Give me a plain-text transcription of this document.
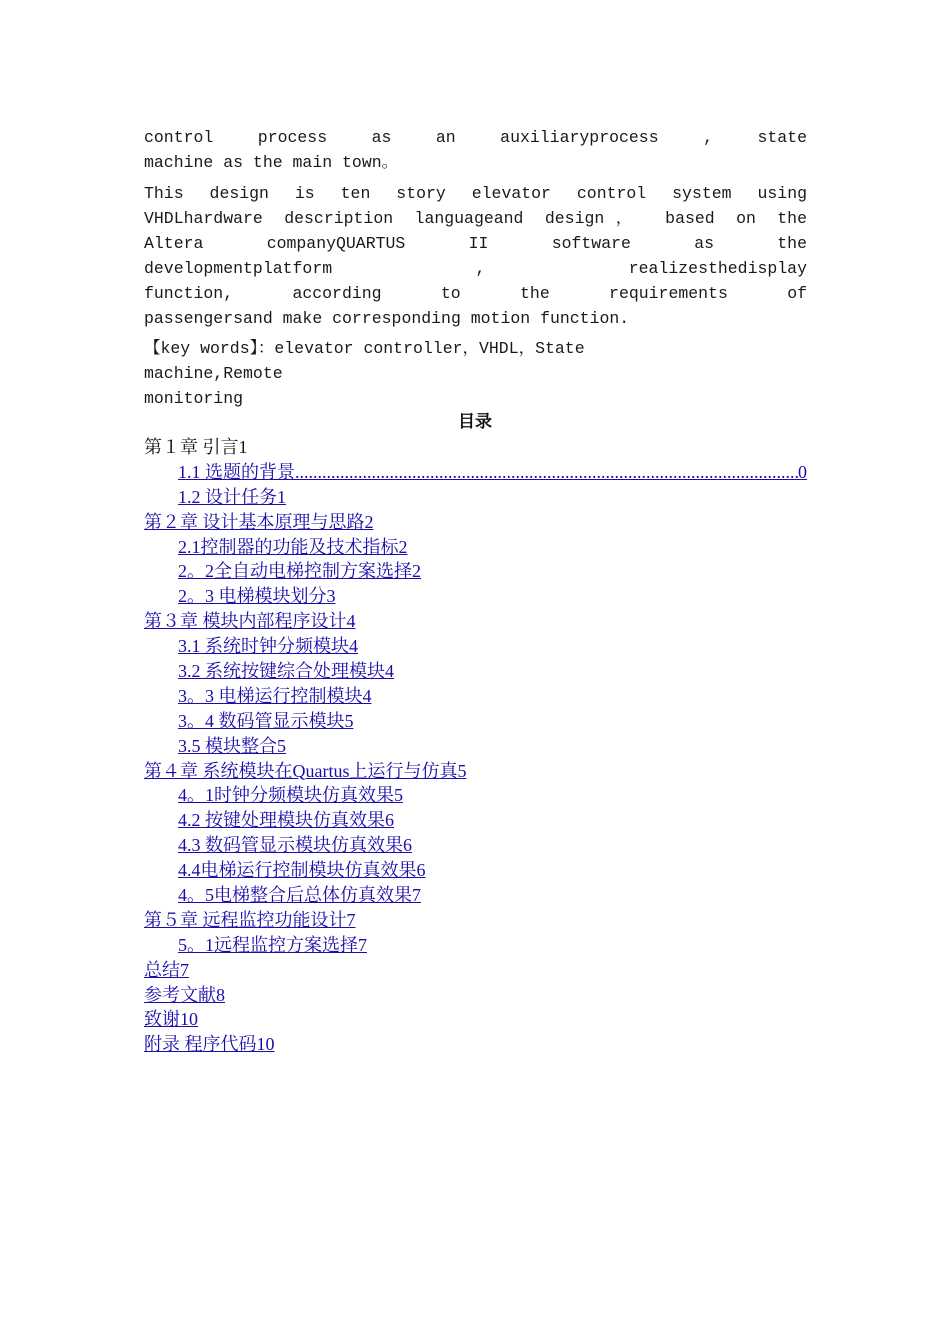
control process as an auxiliaryprocess , state
machine as the main town。
This design is ten story elevator control system using
VHDLhardware description languageand design， based on the
Altera companyQUARTUS II software as the
developmentplatform , realizesthedisplay
function, according to the requirements of
passengersand make corresponding motion function.
【key words】：elevator controller，VHDL，State
machine,Remote
monitoring
目录
第１章 引言1
1.1 选题的背景
.....	0
1.2 设计任务1
第２章 设计基本原理与思路2
2.1控制器的功能及技术指标2
2。2全自动电梯控制方案选择2
2。3 电梯模块划分3
第３章 模块内部程序设计4
3.1 系统时钟分频模块4
3.2 系统按键综合处理模块4
3。3 电梯运行控制模块4
3。4 数码管显示模块5
3.5 模块整合5
第４章 系统模块在Quartus上运行与仿真5
4。1时钟分频模块仿真效果5
4.2 按键处理模块仿真效果6
4.3 数码管显示模块仿真效果6
4.4电梯运行控制模块仿真效果6
4。5电梯整合后总体仿真效果7
第５章 远程监控功能设计7
5。1远程监控方案选择7
总结7
参考文献8
致谢10
附录 程序代码10
